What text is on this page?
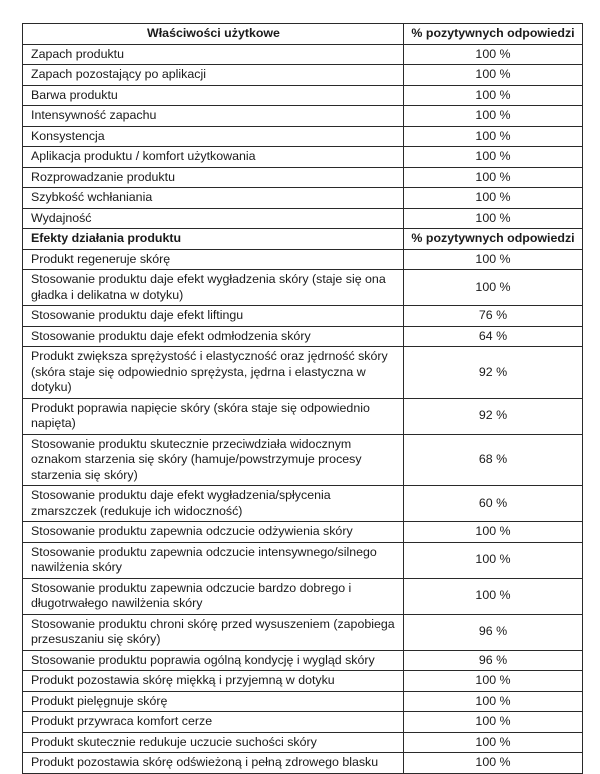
Właściwości użytkowe	% pozytywnych odpowiedzi
Zapach produktu	100 %
Zapach pozostający po aplikacji	100 %
Barwa produktu	100 %
Intensywność zapachu	100 %
Konsystencja	100 %
Aplikacja produktu / komfort użytkowania	100 %
Rozprowadzanie produktu	100 %
Szybkość wchłaniania	100 %
Wydajność	100 %
Efekty działania produktu	% pozytywnych odpowiedzi
Produkt regeneruje skórę	100 %
Stosowanie produktu daje efekt wygładzenia skóry (staje się ona gładka i delikatna w dotyku)	100 %
Stosowanie produktu daje efekt liftingu	76 %
Stosowanie produktu daje efekt odmłodzenia skóry	64 %
Produkt zwiększa sprężystość i elastyczność oraz jędrność skóry (skóra staje się odpowiednio sprężysta, jędrna i elastyczna w dotyku)	92 %
Produkt poprawia napięcie skóry (skóra staje się odpowiednio napięta)	92 %
Stosowanie produktu skutecznie przeciwdziała widocznym oznakom starzenia się skóry (hamuje/powstrzymuje procesy starzenia się skóry)	68 %
Stosowanie produktu daje efekt wygładzenia/spłycenia zmarszczek (redukuje ich widoczność)	60 %
Stosowanie produktu zapewnia odczucie odżywienia skóry	100 %
Stosowanie produktu zapewnia odczucie intensywnego/silnego nawilżenia skóry	100 %
Stosowanie produktu zapewnia odczucie bardzo dobrego i długotrwałego nawilżenia skóry	100 %
Stosowanie produktu chroni skórę przed wysuszeniem (zapobiega przesuszaniu się skóry)	96 %
Stosowanie produktu poprawia ogólną kondycję i wygląd skóry	96 %
Produkt pozostawia skórę miękką i przyjemną w dotyku	100 %
Produkt pielęgnuje skórę	100 %
Produkt przywraca komfort cerze	100 %
Produkt skutecznie redukuje uczucie suchości skóry	100 %
Produkt pozostawia skórę odświeżoną i pełną zdrowego blasku	100 %
